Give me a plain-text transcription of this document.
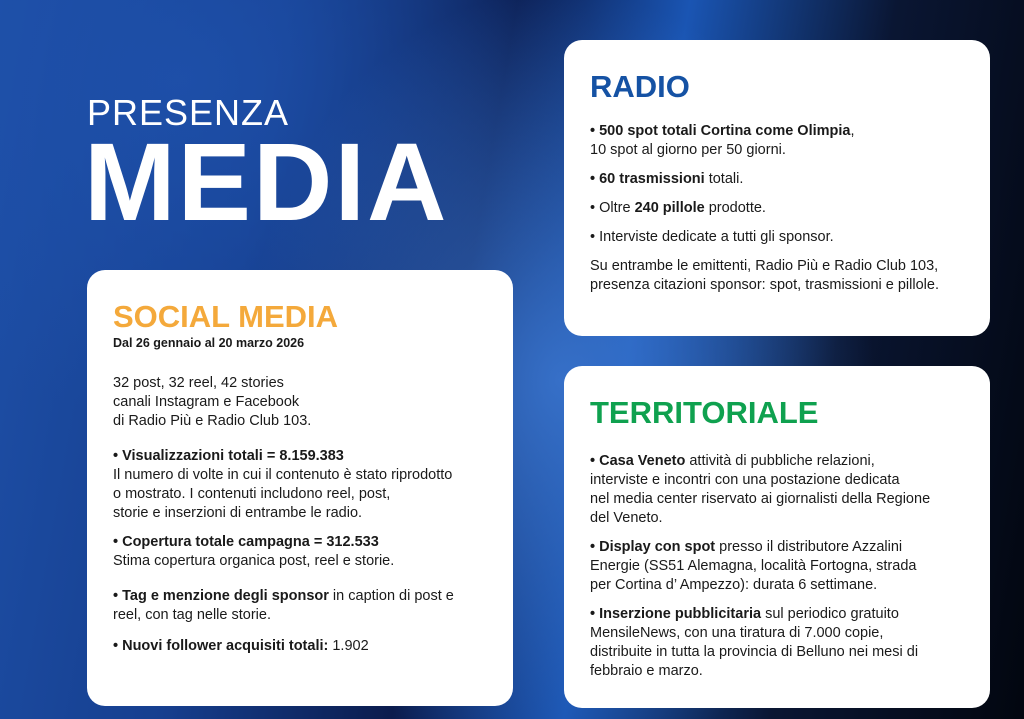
PRESENZA
MEDIA
SOCIAL MEDIA

Dal 26 gennaio al 20 marzo 2026

32 post, 32 reel, 42 stories

canali Instagram e Facebook

di Radio Più e Radio Club 103.

• Visualizzazioni totali = 8.159.383

Il numero di volte in cui il contenuto è stato riprodotto

o mostrato. I contenuti includono reel, post,

storie e inserzioni di entrambe le radio.

• Copertura totale campagna = 312.533

Stima copertura organica post, reel e storie.

• Tag e menzione degli sponsor in caption di post e

reel, con tag nelle storie.

• Nuovi follower acquisiti totali: 1.902

RADIO

• 500 spot totali Cortina come Olimpia,

10 spot al giorno per 50 giorni.

• 60 trasmissioni totali.

• Oltre 240 pillole prodotte.

• Interviste dedicate a tutti gli sponsor.

Su entrambe le emittenti, Radio Più e Radio Club 103,

presenza citazioni sponsor: spot, trasmissioni e pillole.

TERRITORIALE

• Casa Veneto attività di pubbliche relazioni,

interviste e incontri con una postazione dedicata

nel media center riservato ai giornalisti della Regione

del Veneto.

• Display con spot presso il distributore Azzalini

Energie (SS51 Alemagna, località Fortogna, strada

per Cortina d’ Ampezzo): durata 6 settimane.

• Inserzione pubblicitaria sul periodico gratuito

MensileNews, con una tiratura di 7.000 copie,

distribuite in tutta la provincia di Belluno nei mesi di

febbraio e marzo.
